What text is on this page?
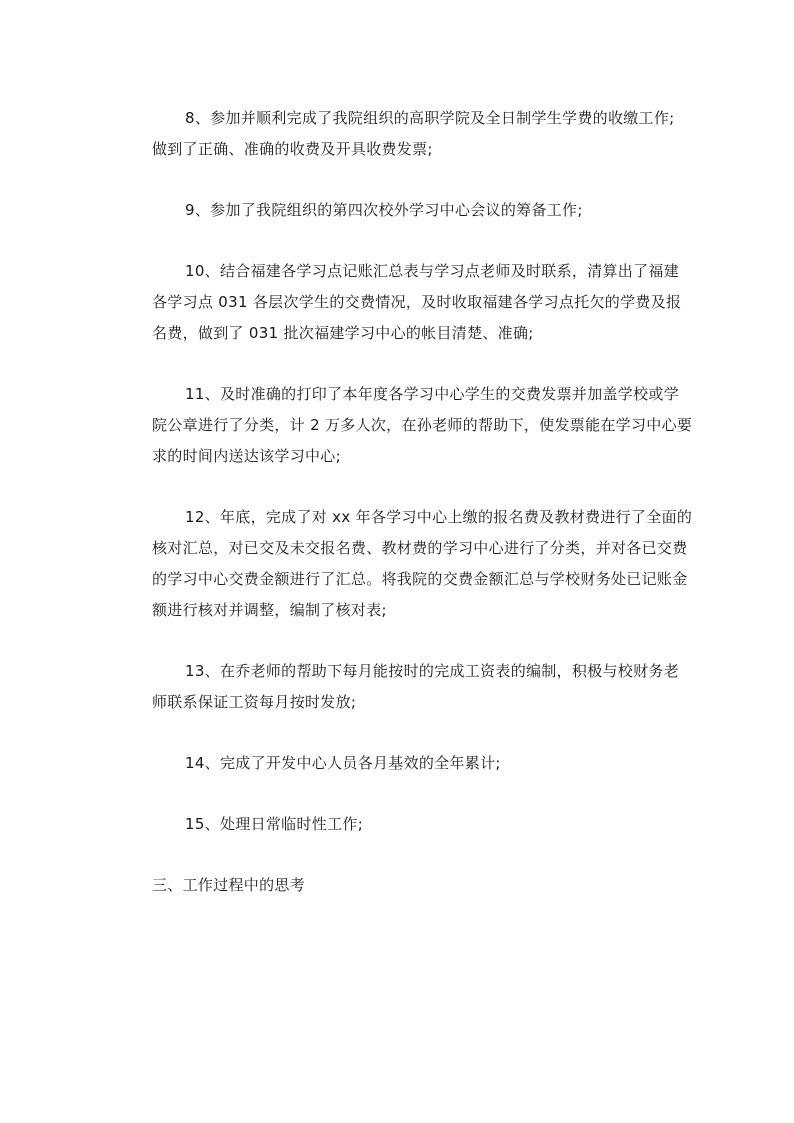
8、参加并顺利完成了我院组织的高职学院及全日制学生学费的收缴工作;
做到了正确、准确的收费及开具收费发票;
9、参加了我院组织的第四次校外学习中心会议的筹备工作;
10、结合福建各学习点记账汇总表与学习点老师及时联系，清算出了福建
各学习点 031 各层次学生的交费情况，及时收取福建各学习点托欠的学费及报
名费，做到了 031 批次福建学习中心的帐目清楚、准确;
11、及时准确的打印了本年度各学习中心学生的交费发票并加盖学校或学
院公章进行了分类，计 2 万多人次，在孙老师的帮助下，使发票能在学习中心要
求的时间内送达该学习中心;
12、年底，完成了对 xx 年各学习中心上缴的报名费及教材费进行了全面的
核对汇总，对已交及未交报名费、教材费的学习中心进行了分类，并对各已交费
的学习中心交费金额进行了汇总。将我院的交费金额汇总与学校财务处已记账金
额进行核对并调整，编制了核对表;
13、在乔老师的帮助下每月能按时的完成工资表的编制，积极与校财务老
师联系保证工资每月按时发放;
14、完成了开发中心人员各月基效的全年累计;
15、处理日常临时性工作;
三、工作过程中的思考
